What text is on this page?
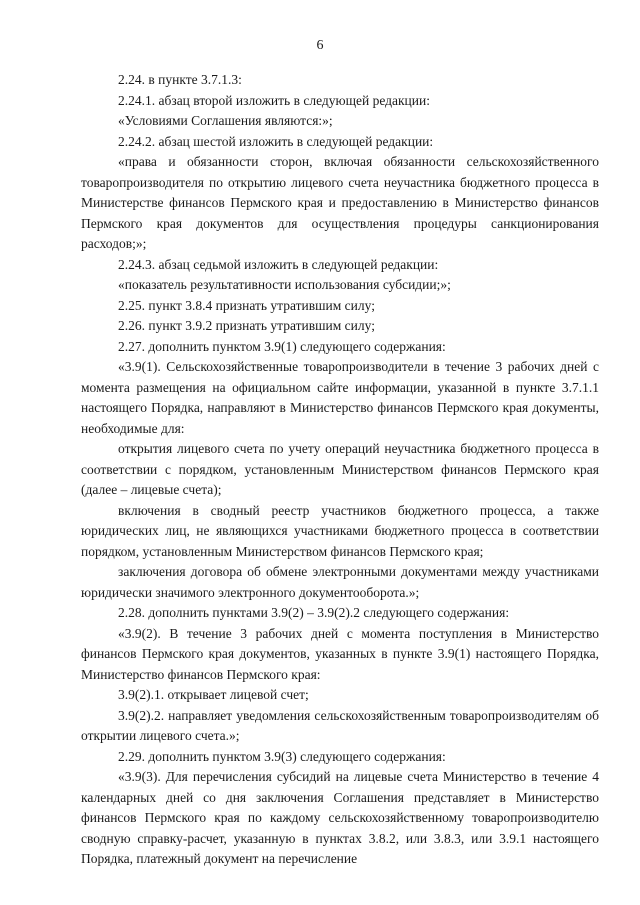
6

2.24. в пункте 3.7.1.3:

2.24.1. абзац второй изложить в следующей редакции:

«Условиями Соглашения являются:»;

2.24.2. абзац шестой изложить в следующей редакции:

«права и обязанности сторон, включая обязанности сельскохозяйственного товаропроизводителя по открытию лицевого счета неучастника бюджетного процесса в Министерстве финансов Пермского края и предоставлению в Министерство финансов Пермского края документов для осуществления процедуры санкционирования расходов;»;

2.24.3. абзац седьмой изложить в следующей редакции:

«показатель результативности использования субсидии;»;

2.25. пункт 3.8.4 признать утратившим силу;

2.26. пункт 3.9.2 признать утратившим силу;

2.27. дополнить пунктом 3.9(1) следующего содержания:

«3.9(1). Сельскохозяйственные товаропроизводители в течение 3 рабочих дней с момента размещения на официальном сайте информации, указанной в пункте 3.7.1.1 настоящего Порядка, направляют в Министерство финансов Пермского края документы, необходимые для:

открытия лицевого счета по учету операций неучастника бюджетного процесса в соответствии с порядком, установленным Министерством финансов Пермского края (далее – лицевые счета);

включения в сводный реестр участников бюджетного процесса, а также юридических лиц, не являющихся участниками бюджетного процесса в соответствии порядком, установленным Министерством финансов Пермского края;

заключения договора об обмене электронными документами между участниками юридически значимого электронного документооборота.»;

2.28. дополнить пунктами 3.9(2) – 3.9(2).2 следующего содержания:

«3.9(2). В течение 3 рабочих дней с момента поступления в Министерство финансов Пермского края документов, указанных в пункте 3.9(1) настоящего Порядка, Министерство финансов Пермского края:

3.9(2).1. открывает лицевой счет;

3.9(2).2. направляет уведомления сельскохозяйственным товаропроизводителям об открытии лицевого счета.»;

2.29. дополнить пунктом 3.9(3) следующего содержания:

«3.9(3). Для перечисления субсидий на лицевые счета Министерство в течение 4 календарных дней со дня заключения Соглашения представляет в Министерство финансов Пермского края по каждому сельскохозяйственному товаропроизводителю сводную справку-расчет, указанную в пунктах 3.8.2, или 3.8.3, или 3.9.1 настоящего Порядка, платежный документ на перечисление
